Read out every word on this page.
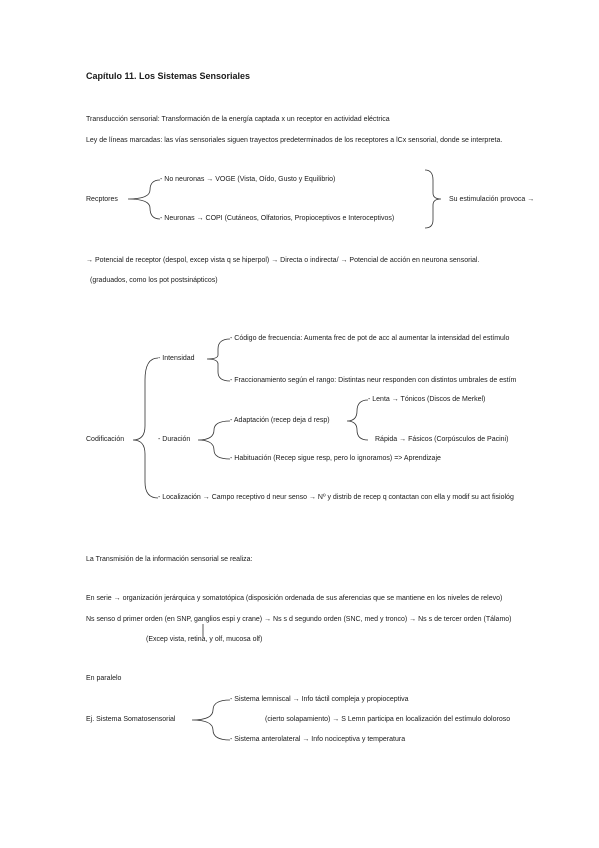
Capítulo 11. Los Sistemas Sensoriales
Transducción sensorial: Transformación de la energía captada x un receptor en actividad eléctrica
Ley de líneas marcadas: las vías sensoriales siguen trayectos predeterminados de los receptores a lCx sensorial, donde se interpreta.
Recptores
- No neuronas → VOGE (Vista, Oído, Gusto y Equilibrio)
- Neuronas → COPI (Cutáneos, Olfatorios, Propioceptivos e Interoceptivos)
Su estimulación provoca →
→ Potencial de receptor (despol, excep vista q se hiperpol) → Directa o indirecta/ → Potencial de acción en neurona sensorial.
(graduados, como los pot postsinápticos)
Codificación
- Intensidad
- Código de frecuencia: Aumenta frec de pot de acc al aumentar la intensidad del estímulo
- Fraccionamiento según el rango: Distintas neur responden con distintos umbrales de estím
- Duración
- Adaptación (recep deja d resp)
- Lenta → Tónicos (Discos de Merkel)
Rápida → Fásicos (Corpúsculos de Pacini)
- Habituación (Recep sigue resp, pero lo ignoramos) => Aprendizaje
- Localización → Campo receptivo d neur senso → Nº y distrib de recep q contactan con ella y modif su act fisiológ
La Transmisión de la información sensorial se realiza:
En serie → organización jerárquica y somatotópica (disposición ordenada de sus aferencias que se mantiene en los niveles de relevo)
Ns senso d primer orden (en SNP, ganglios espi y crane) → Ns s d segundo orden (SNC, med y tronco) → Ns s de tercer orden (Tálamo)
(Excep vista, retina, y olf, mucosa olf)
En paralelo
Ej. Sistema Somatosensorial
- Sistema lemniscal → Info táctil compleja y propioceptiva
(cierto solapamiento) → S Lemn participa en localización del estímulo doloroso
- Sistema anterolateral → Info nociceptiva y temperatura
